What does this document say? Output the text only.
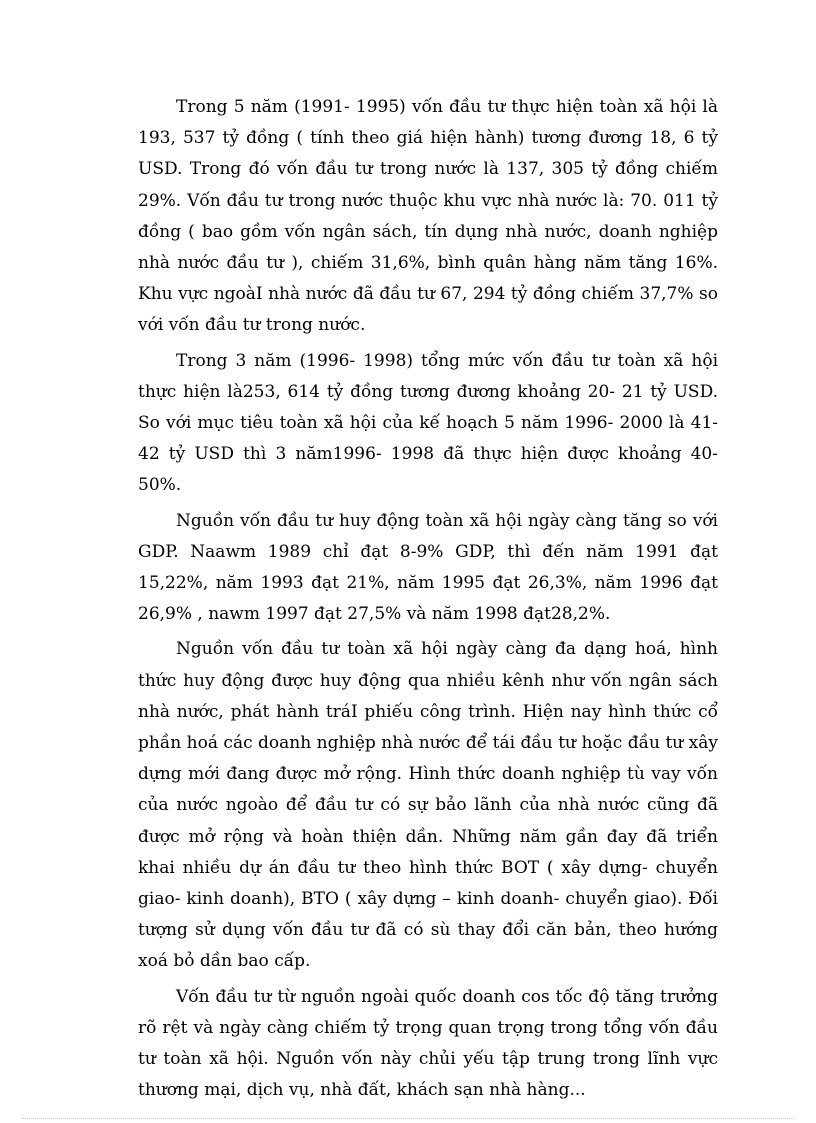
Trong 5 năm (1991- 1995) vốn đầu tư thực hiện toàn xã hội là 193, 537 tỷ đồng ( tính theo giá hiện hành) tương đương 18, 6 tỷ USD. Trong đó vốn đầu tư trong nước là 137, 305 tỷ đồng chiếm 29%. Vốn đầu tư trong nước thuộc khu vực nhà nước là: 70. 011 tỷ đồng ( bao gồm vốn ngân sách, tín dụng nhà nước, doanh nghiệp nhà nước đầu tư ), chiếm 31,6%, bình quân hàng năm tăng 16%. Khu vực ngoàI nhà nước đã đầu tư 67, 294 tỷ đồng chiếm 37,7% so với vốn đầu tư trong nước.

Trong 3 năm (1996- 1998) tổng mức vốn đầu tư toàn xã hội thực hiện là253, 614 tỷ đồng tương đương khoảng 20- 21 tỷ USD. So với mục tiêu toàn xã hội của kế hoạch 5 năm 1996- 2000 là 41- 42 tỷ USD thì 3 năm1996- 1998 đã thực hiện được khoảng 40- 50%.

Nguồn vốn đầu tư huy động toàn xã hội ngày càng tăng so với GDP. Naawm 1989 chỉ đạt 8-9% GDP, thì đến năm 1991 đạt 15,22%, năm 1993 đạt 21%, năm 1995 đạt 26,3%, năm 1996 đạt 26,9% , nawm 1997 đạt 27,5% và năm 1998 đạt28,2%.

Nguồn vốn đầu tư toàn xã hội ngày càng đa dạng hoá, hình thức huy động được huy động qua nhiều kênh như vốn ngân sách nhà nước, phát hành tráI phiếu công trình. Hiện nay hình thức cổ phần hoá các doanh nghiệp nhà nước để tái đầu tư hoặc đầu tư xây dựng mới đang được mở rộng. Hình thức doanh nghiệp tù vay vốn của nước ngoào để đầu tư có sự bảo lãnh của nhà nước cũng đã được mở rộng và hoàn thiện dần. Những năm gần đay đã triển khai nhiều dự án đầu tư theo hình thức BOT ( xây dựng- chuyển giao- kinh doanh), BTO ( xây dựng – kinh doanh- chuyển giao). Đối tượng sử dụng vốn đầu tư đã có sù thay đổi căn bản, theo hướng xoá bỏ dần bao cấp.

Vốn đầu tư từ nguồn ngoài quốc doanh cos tốc độ tăng trưởng rõ rệt và ngày càng chiếm tỷ trọng quan trọng trong tổng vốn đầu tư toàn xã hội. Nguồn vốn này chủi yếu tập trung trong lĩnh vực thương mại, dịch vụ, nhà đất, khách sạn nhà hàng...
